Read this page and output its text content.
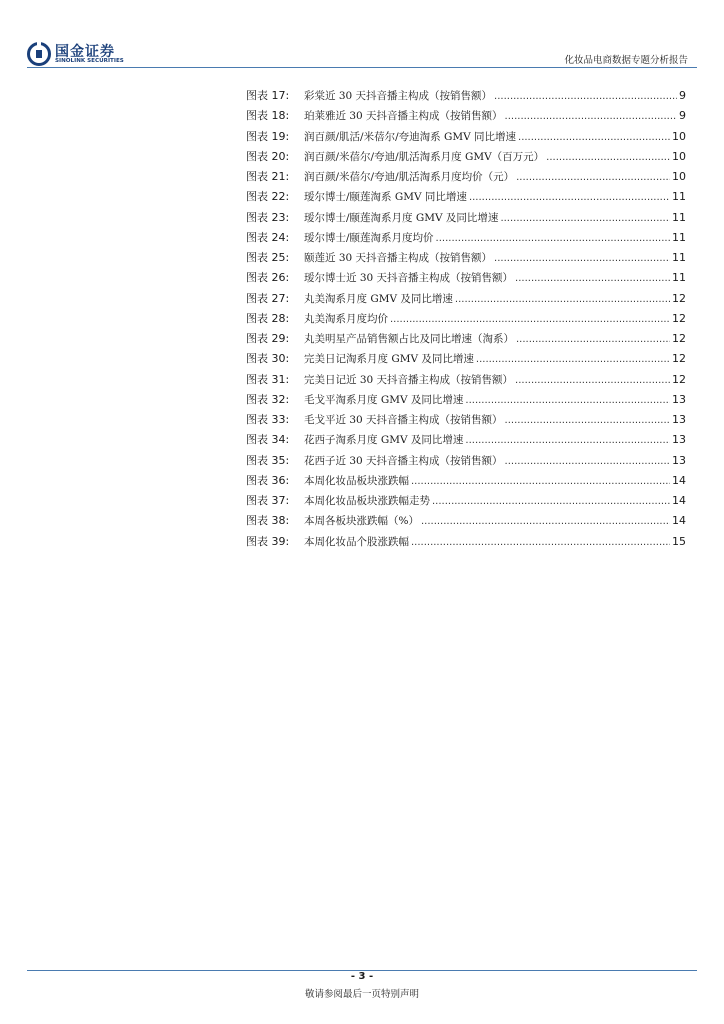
国金证券
SINOLINK SECURITIES	化妆品电商数据专题分析报告
图表 17:	彩棠近 30 天抖音播主构成（按销售额） .....	9
图表 18:	珀莱雅近 30 天抖音播主构成（按销售额） .....	9
图表 19:	润百颜/肌活/米蓓尔/夸迪淘系 GMV 同比增速 .....	10
图表 20:	润百颜/米蓓尔/夸迪/肌活淘系月度 GMV（百万元） .....	10
图表 21:	润百颜/米蓓尔/夸迪/肌活淘系月度均价（元） .....	10
图表 22:	瑷尔博士/颐莲淘系 GMV 同比增速 .....	11
图表 23:	瑷尔博士/颐莲淘系月度 GMV 及同比增速 .....	11
图表 24:	瑷尔博士/颐莲淘系月度均价 .....	11
图表 25:	颐莲近 30 天抖音播主构成（按销售额） .....	11
图表 26:	瑷尔博士近 30 天抖音播主构成（按销售额） .....	11
图表 27:	丸美淘系月度 GMV 及同比增速 .....	12
图表 28:	丸美淘系月度均价 .....	12
图表 29:	丸美明星产品销售额占比及同比增速（淘系） .....	12
图表 30:	完美日记淘系月度 GMV 及同比增速 .....	12
图表 31:	完美日记近 30 天抖音播主构成（按销售额） .....	12
图表 32:	毛戈平淘系月度 GMV 及同比增速 .....	13
图表 33:	毛戈平近 30 天抖音播主构成（按销售额） .....	13
图表 34:	花西子淘系月度 GMV 及同比增速 .....	13
图表 35:	花西子近 30 天抖音播主构成（按销售额） .....	13
图表 36:	本周化妆品板块涨跌幅 .....	14
图表 37:	本周化妆品板块涨跌幅走势 .....	14
图表 38:	本周各板块涨跌幅（%） .....	14
图表 39:	本周化妆品个股涨跌幅 .....	15
- 3 -
敬请参阅最后一页特别声明
